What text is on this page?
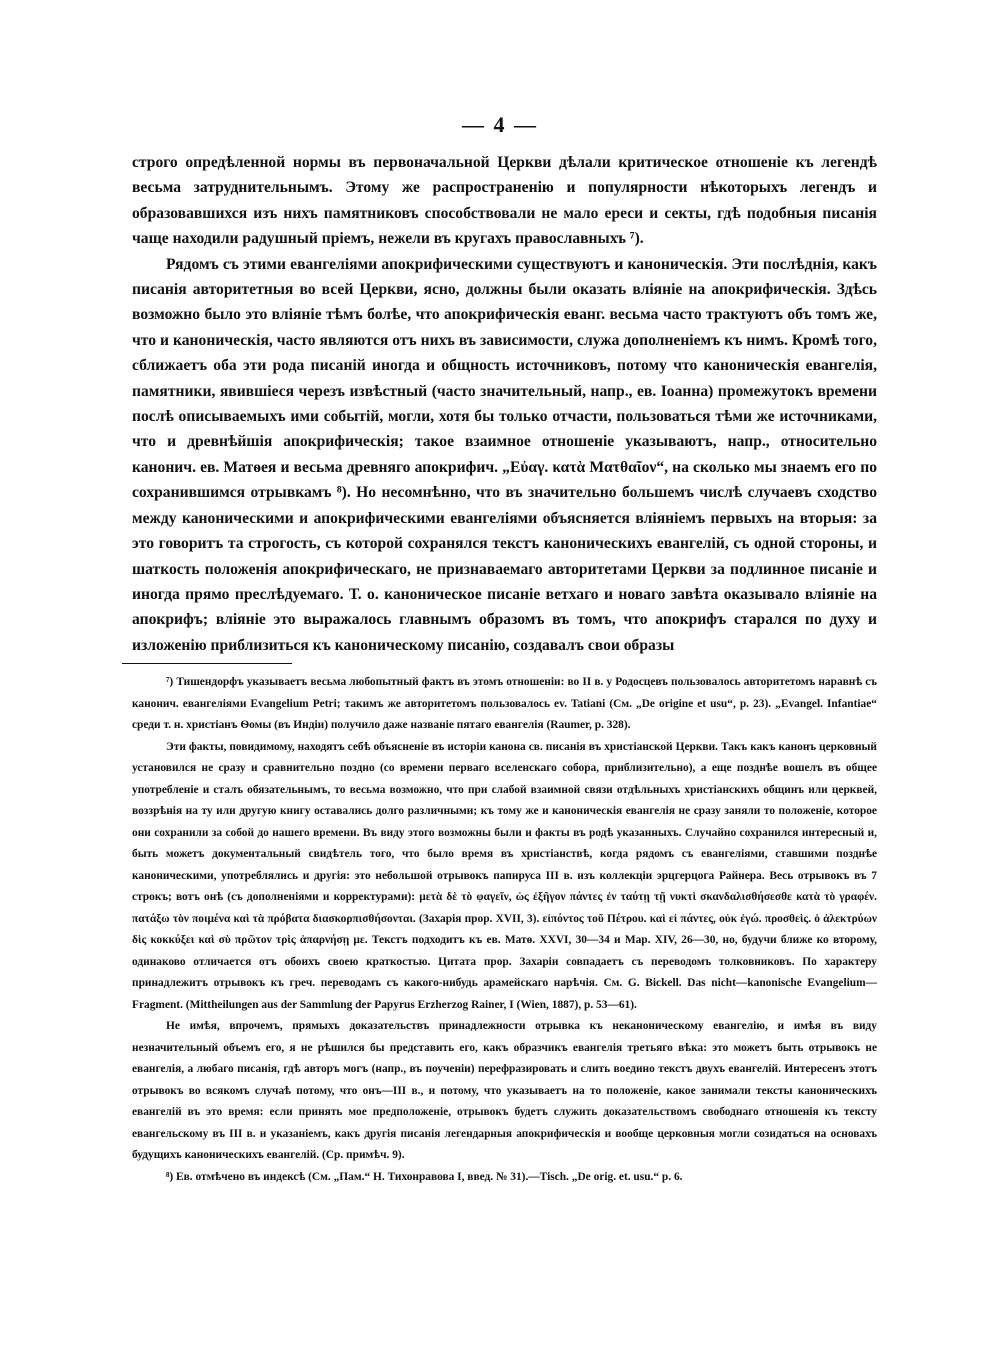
— 4 —

строго опредѣленной нормы въ первоначальной Церкви дѣлали критическое отношеніе къ легендѣ весьма затруднительнымъ. Этому же распространенію и популярности нѣкоторыхъ легендъ и образовавшихся изъ нихъ памятниковъ способствовали не мало ереси и секты, гдѣ подобныя писанія чаще находили радушный пріемъ, нежели въ кругахъ православныхъ ⁷).

Рядомъ съ этими евангеліями апокрифическими существуютъ и каноническія. Эти послѣднія, какъ писанія авторитетныя во всей Церкви, ясно, должны были оказать вліяніе на апокрифическія. Здѣсь возможно было это вліяніе тѣмъ болѣе, что апокрифическія еванг. весьма часто трактуютъ объ томъ же, что и каноническія, часто являются отъ нихъ въ зависимости, служа дополненіемъ къ нимъ. Кромѣ того, сближаетъ оба эти рода писаній иногда и общность источниковъ, потому что каноническія евангелія, памятники, явившіеся черезъ извѣстный (часто значительный, напр., ев. Іоанна) промежутокъ времени послѣ описываемыхъ ими событій, могли, хотя бы только отчасти, пользоваться тѣми же источниками, что и древнѣйшія апокрифическія; такое взаимное отношеніе указываютъ, напр., относительно канонич. ев. Матѳея и весьма древняго апокрифич. „Εὐαγ. κατὰ Ματθαῖον“, на сколько мы знаемъ его по сохранившимся отрывкамъ ⁸). Но несомнѣнно, что въ значительно большемъ числѣ случаевъ сходство между каноническими и апокрифическими евангеліями объясняется вліяніемъ первыхъ на вторыя: за это говоритъ та строгость, съ которой сохранялся текстъ каноническихъ евангелій, съ одной стороны, и шаткость положенія апокрифическаго, не признаваемаго авторитетами Церкви за подлинное писаніе и иногда прямо преслѣдуемаго. Т. о. каноническое писаніе ветхаго и новаго завѣта оказывало вліяніе на апокрифъ; вліяніе это выражалось главнымъ образомъ въ томъ, что апокрифъ старался по духу и изложенію приблизиться къ каноническому писанію, создавалъ свои образы

⁷) Тишендорфъ указываетъ весьма любопытный фактъ въ этомъ отношеніи: во II в. у Родосцевъ пользовалось авторитетомъ наравнѣ съ канонич. евангеліями Evangelium Petri; такимъ же авторитетомъ пользовалось ev. Tatiani (См. „De origine et usu“, p. 23). „Evangel. Infantiae“ среди т. н. христіанъ Ѳомы (въ Индіи) получило даже названіе пятаго евангелія (Raumer, p. 328).

Эти факты, повидимому, находятъ себѣ объясненіе въ исторіи канона св. писанія въ христіанской Церкви. Такъ какъ канонъ церковный установился не сразу и сравнительно поздно (со времени перваго вселенскаго собора, приблизительно), а еще позднѣе вошелъ въ общее употребленіе и сталъ обязательнымъ, то весьма возможно, что при слабой взаимной связи отдѣльныхъ христіанскихъ общинъ или церквей, воззрѣнія на ту или другую книгу оставались долго различными; къ тому же и каноническія евангелія не сразу заняли то положеніе, которое они сохранили за собой до нашего времени. Въ виду этого возможны были и факты въ родѣ указанныхъ. Случайно сохранился интересный и, быть можетъ документальный свидѣтель того, что было время въ христіанствѣ, когда рядомъ съ евангеліями, ставшими позднѣе каноническими, употреблялись и другія: это небольшой отрывокъ папируса III в. изъ коллекціи эрцгерцога Райнера. Весь отрывокъ въ 7 строкъ; вотъ онѣ (съ дополненіями и корректурами): μετὰ δὲ τὸ φαγεῖν, ὡς ἐξῆγον πάντες ἐν ταύτῃ τῇ νυκτὶ σκανδαλισθήσεσθε κατὰ τὸ γραφέν. πατάξω τὸν ποιμένα καὶ τὰ πρόβατα διασκορπισθήσονται. (Захарія прор. XVII, 3). εἰπόντος τοῦ Πέτρου. καὶ εἰ πάντες, οὐκ ἐγώ. προσθεὶς. ὁ ἀλεκτρύων δὶς κοκκύξει καὶ σὺ πρῶτον τρὶς ἀπαρνήσῃ με. Текстъ подходитъ къ ев. Матѳ. XXVI, 30—34 и Мар. XIV, 26—30, но, будучи ближе ко второму, одинаково отличается отъ обоихъ своею краткостью. Цитата прор. Захаріи совпадаетъ съ переводомъ толковниковъ. По характеру принадлежитъ отрывокъ къ греч. переводамъ съ какого-нибудь арамейскаго нарѣчія. См. G. Bickell. Das nicht—kanonische Evangelium—Fragment. (Mittheilungen aus der Sammlung der Papyrus Erzherzog Rainer, I (Wien, 1887), p. 53—61).

Не имѣя, впрочемъ, прямыхъ доказательствъ принадлежности отрывка къ неканоническому евангелію, и имѣя въ виду незначительный объемъ его, я не рѣшился бы представить его, какъ образчикъ евангелія третьяго вѣка: это можетъ быть отрывокъ не евангелія, а любаго писанія, гдѣ авторъ могъ (напр., въ поученіи) перефразировать и слить воедино текстъ двухъ евангелій. Интересенъ этотъ отрывокъ во всякомъ случаѣ потому, что онъ—III в., и потому, что указываетъ на то положеніе, какое занимали тексты каноническихъ евангелій въ это время: если принять мое предположеніе, отрывокъ будетъ служить доказательствомъ свободнаго отношенія къ тексту евангельскому въ III в. и указаніемъ, какъ другія писанія легендарныя апокрифическія и вообще церковныя могли созидаться на основахъ будущихъ каноническихъ евангелій. (Ср. примѣч. 9).

⁸) Ев. отмѣчено въ индексѣ (См. „Пам.“ Н. Тихонравова I, введ. № 31).—Tisch. „De orig. et. usu.“ p. 6.
